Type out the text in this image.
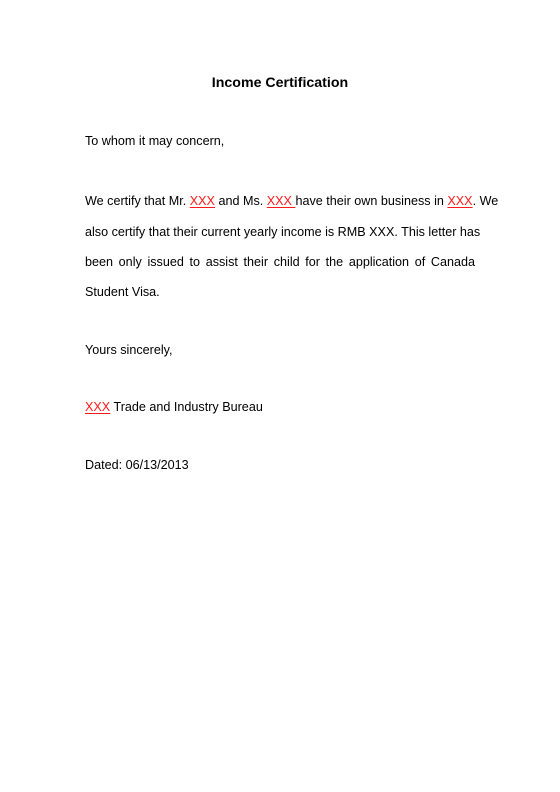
Income Certification
To whom it may concern,
We certify that Mr. XXX and Ms. XXX have their own business in XXX. We
also certify that their current yearly income is RMB XXX. This letter has
been only issued to assist their child for the application of Canada
Student Visa.
Yours sincerely,
XXX Trade and Industry Bureau
Dated: 06/13/2013
